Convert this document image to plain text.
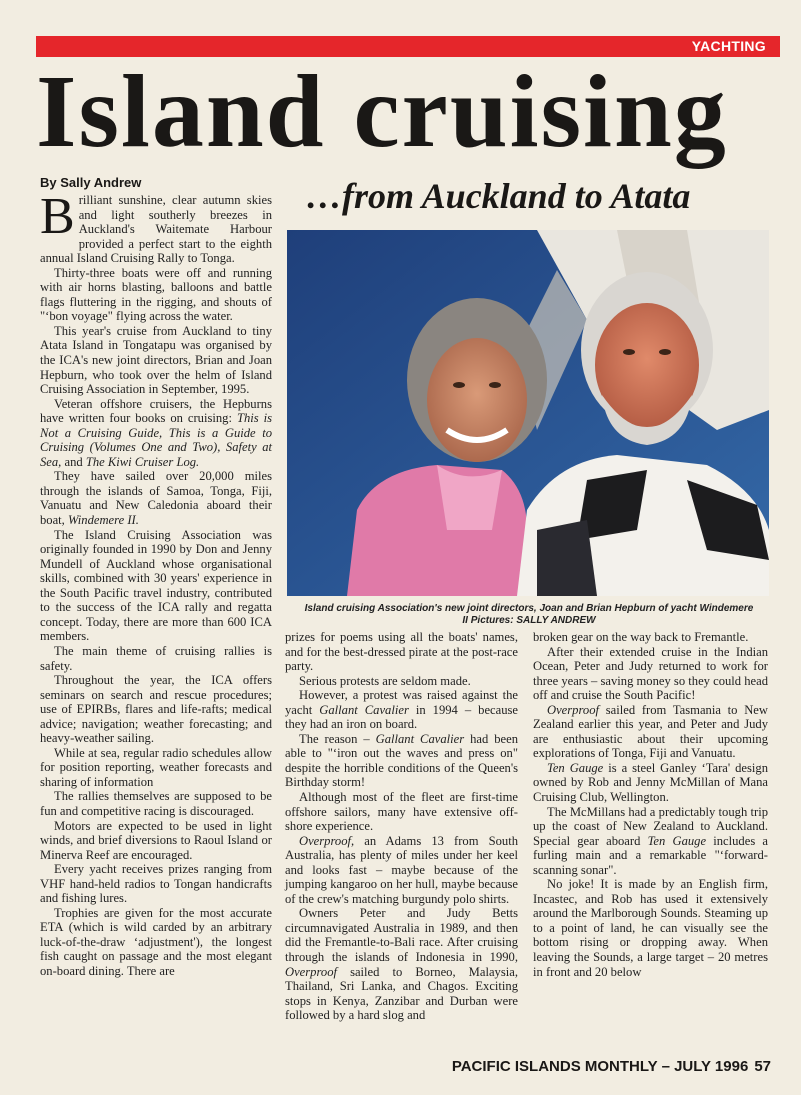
YACHTING
Island cruising
By Sally Andrew	…from Auckland to Atata

Brilliant sunshine, clear autumn skies and light southerly breezes in Auckland's Waitemate Harbour provided a perfect start to the eighth annual Island Cruising Rally to Tonga.

Thirty-three boats were off and running with air horns blasting, balloons and battle flags fluttering in the rigging, and shouts of "‘bon voyage" flying across the water.

This year's cruise from Auckland to tiny Atata Island in Tongatapu was organised by the ICA's new joint directors, Brian and Joan Hepburn, who took over the helm of Island Cruising Association in September, 1995.

Veteran offshore cruisers, the Hepburns have written four books on cruising: This is Not a Cruising Guide, This is a Guide to Cruising (Volumes One and Two), Safety at Sea, and The Kiwi Cruiser Log.

They have sailed over 20,000 miles through the islands of Samoa, Tonga, Fiji, Vanuatu and New Caledonia aboard their boat, Windemere II.

The Island Cruising Association was originally founded in 1990 by Don and Jenny Mundell of Auckland whose organisational skills, combined with 30 years' experience in the South Pacific travel industry, contributed to the success of the ICA rally and regatta concept. Today, there are more than 600 ICA members.

The main theme of cruising rallies is safety.

Throughout the year, the ICA offers seminars on search and rescue procedures; use of EPIRBs, flares and life-rafts; medical advice; navigation; weather forecasting; and heavy-weather sailing.

While at sea, regular radio schedules allow for position reporting, weather forecasts and sharing of information

The rallies themselves are supposed to be fun and competitive racing is discouraged.

Motors are expected to be used in light winds, and brief diversions to Raoul Island or Minerva Reef are encouraged.

Every yacht receives prizes ranging from VHF hand-held radios to Tongan handicrafts and fishing lures.

Trophies are given for the most accurate ETA (which is wild carded by an arbitrary luck-of-the-draw ‘adjustment'), the longest fish caught on passage and the most elegant on-board dining. There are

Island cruising Association's new joint directors, Joan and Brian Hepburn of yacht Windemere
II Pictures: SALLY ANDREW

prizes for poems using all the boats' names, and for the best-dressed pirate at the post-race party.

Serious protests are seldom made.

However, a protest was raised against the yacht Gallant Cavalier in 1994 – because they had an iron on board.

The reason – Gallant Cavalier had been able to "‘iron out the waves and press on" despite the horrible conditions of the Queen's Birthday storm!

Although most of the fleet are first-time offshore sailors, many have extensive off-shore experience.

Overproof, an Adams 13 from South Australia, has plenty of miles under her keel and looks fast – maybe because of the jumping kangaroo on her hull, maybe because of the crew's matching burgundy polo shirts.

Owners Peter and Judy Betts circumnavigated Australia in 1989, and then did the Fremantle-to-Bali race. After cruising through the islands of Indonesia in 1990, Overproof sailed to Borneo, Malaysia, Thailand, Sri Lanka, and Chagos. Exciting stops in Kenya, Zanzibar and Durban were followed by a hard slog and

broken gear on the way back to Fremantle.

After their extended cruise in the Indian Ocean, Peter and Judy returned to work for three years – saving money so they could head off and cruise the South Pacific!

Overproof sailed from Tasmania to New Zealand earlier this year, and Peter and Judy are enthusiastic about their upcoming explorations of Tonga, Fiji and Vanuatu.

Ten Gauge is a steel Ganley ‘Tara' design owned by Rob and Jenny McMillan of Mana Cruising Club, Wellington.

The McMillans had a predictably tough trip up the coast of New Zealand to Auckland. Special gear aboard Ten Gauge includes a furling main and a remarkable "‘forward-scanning sonar".

No joke! It is made by an English firm, Incastec, and Rob has used it extensively around the Marlborough Sounds. Steaming up to a point of land, he can visually see the bottom rising or dropping away. When leaving the Sounds, a large target – 20 metres in front and 20 below

PACIFIC ISLANDS MONTHLY – JULY 1996 57
